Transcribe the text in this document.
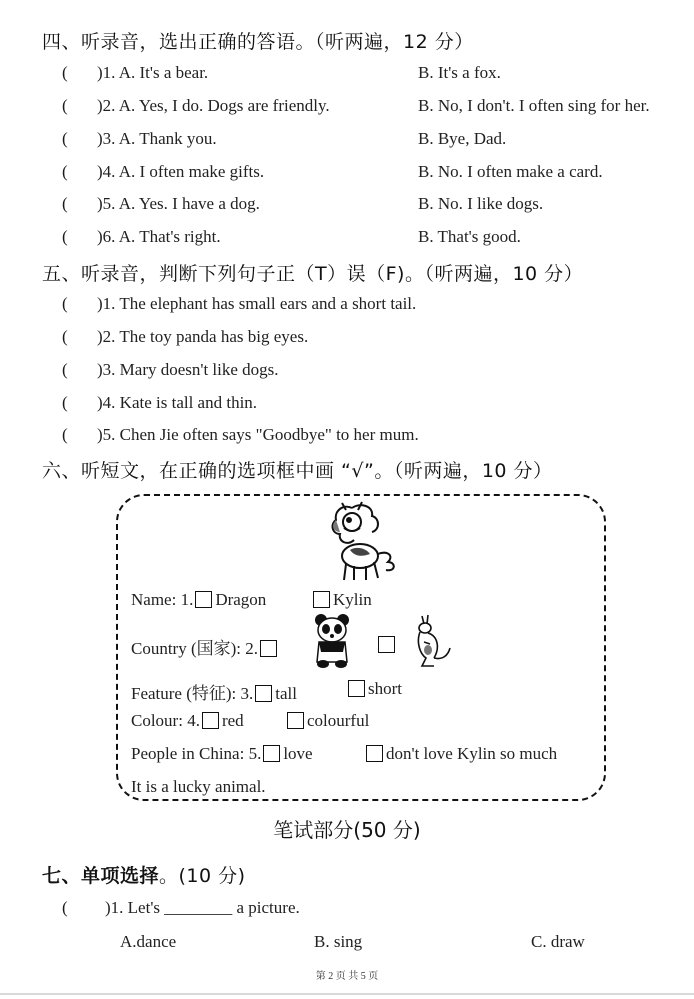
四、听录音，选出正确的答语。（听两遍，12 分）
( )1. A. It's a bear.	B. It's a fox.
( )2. A. Yes, I do. Dogs are friendly.	B. No, I don't. I often sing for her.
( )3. A. Thank you.	B. Bye, Dad.
( )4. A. I often make gifts.	B. No. I often make a card.
( )5. A. Yes. I have a dog.	B. No. I like dogs.
( )6. A. That's right.	B. That's good.
五、听录音，判断下列句子正（T）误（F)。（听两遍，10 分）
( )1. The elephant has small ears and a short tail.
( )2. The toy panda has big eyes.
( )3. Mary doesn't like dogs.
( )4. Kate is tall and thin.
( )5. Chen Jie often says "Goodbye" to her mum.
六、听短文，在正确的选项框中画 “√”。（听两遍，10 分）
Name: 1. Dragon	Kylin
Country (国家): 2.
Feature (特征): 3. tall	short
Colour: 4. red	colourful
People in China: 5. love	don't love Kylin so much
It is a lucky animal.
笔试部分(50 分)
七、单项选择。(10 分)
( )1. Let's ________ a picture.
A.dance	B. sing	C. draw
第 2 页 共 5 页
